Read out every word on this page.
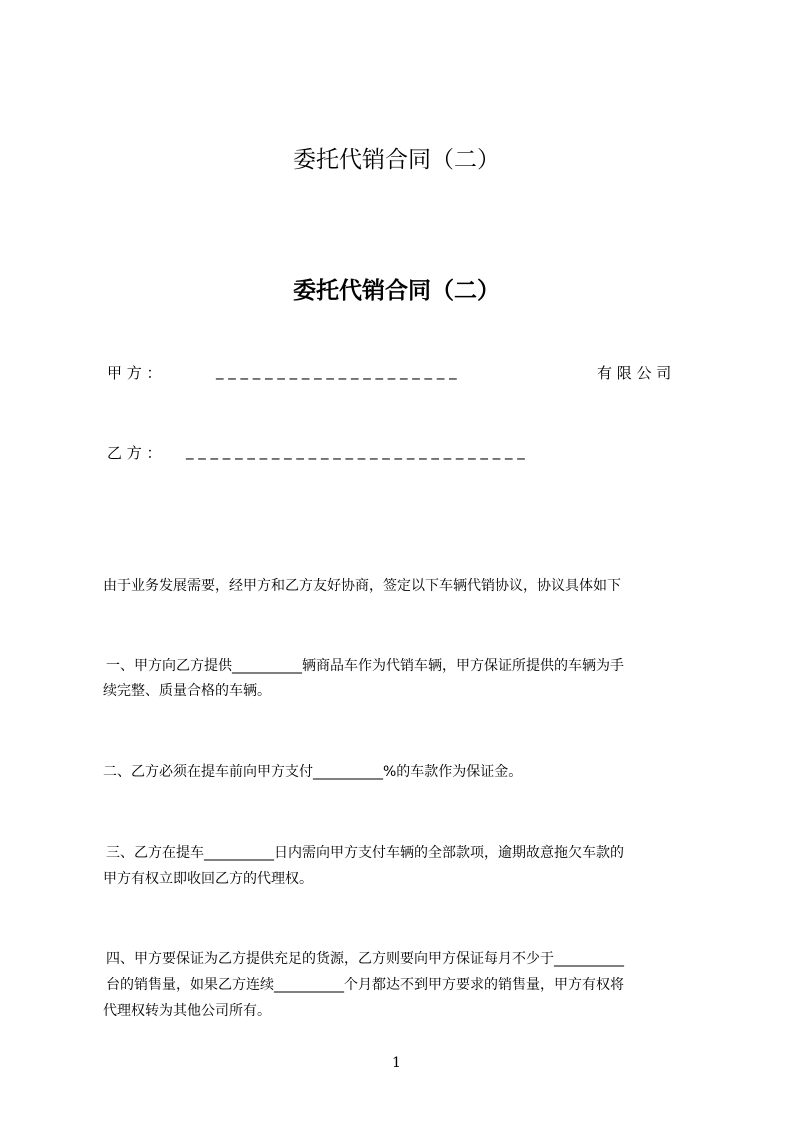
委托代销合同（二）
委托代销合同（二）
甲 方 ：	_ _ _ _ _ _ _ _ _ _ _ _ _ _ _ _ _ _ _ _	有 限 公 司
乙 方 ： _ _ _ _ _ _ _ _ _ _ _ _ _ _ _ _ _ _ _ _ _ _ _ _ _ _ _ _
由于业务发展需要，经甲方和乙方友好协商，签定以下车辆代销协议，协议具体如下
一、甲方向乙方提供__________辆商品车作为代销车辆，甲方保证所提供的车辆为手
续完整、质量合格的车辆。
二、乙方必须在提车前向甲方支付__________%的车款作为保证金。
三、乙方在提车__________日内需向甲方支付车辆的全部款项，逾期故意拖欠车款的
甲方有权立即收回乙方的代理权。
四、甲方要保证为乙方提供充足的货源，乙方则要向甲方保证每月不少于__________
台的销售量，如果乙方连续__________个月都达不到甲方要求的销售量，甲方有权将
代理权转为其他公司所有。
1
